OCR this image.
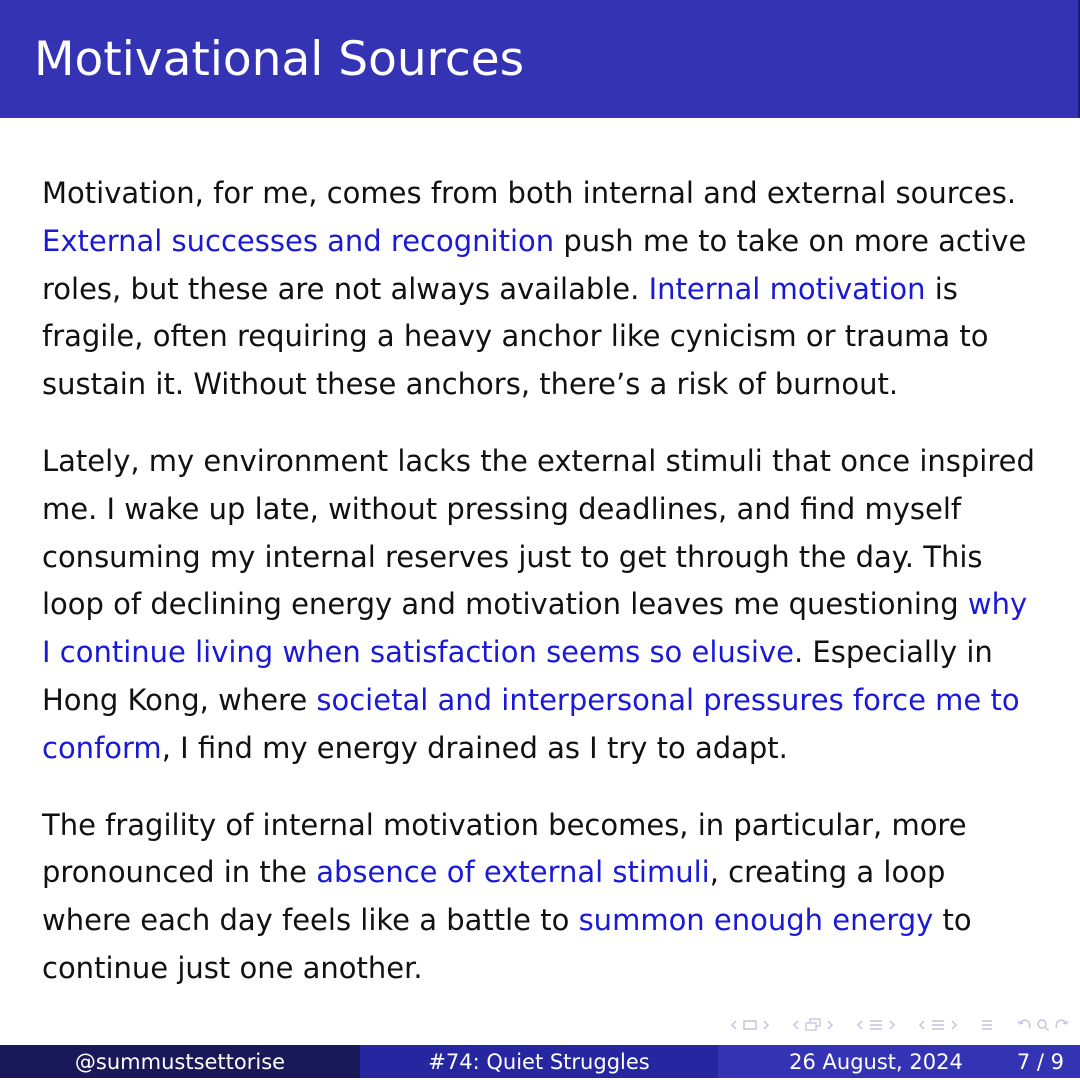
Motivational Sources

Motivation, for me, comes from both internal and external sources. External successes and recognition push me to take on more active roles, but these are not always available. Internal motivation is fragile, often requiring a heavy anchor like cynicism or trauma to sustain it. Without these anchors, there’s a risk of burnout.

Lately, my environment lacks the external stimuli that once inspired me. I wake up late, without pressing deadlines, and find myself consuming my internal reserves just to get through the day. This loop of declining energy and motivation leaves me questioning why I continue living when satisfaction seems so elusive. Especially in Hong Kong, where societal and interpersonal pressures force me to conform, I find my energy drained as I try to adapt.

The fragility of internal motivation becomes, in particular, more pronounced in the absence of external stimuli, creating a loop where each day feels like a battle to summon enough energy to continue just one another.

@summustsettorise	#74: Quiet Struggles	26 August, 2024	7 / 9
